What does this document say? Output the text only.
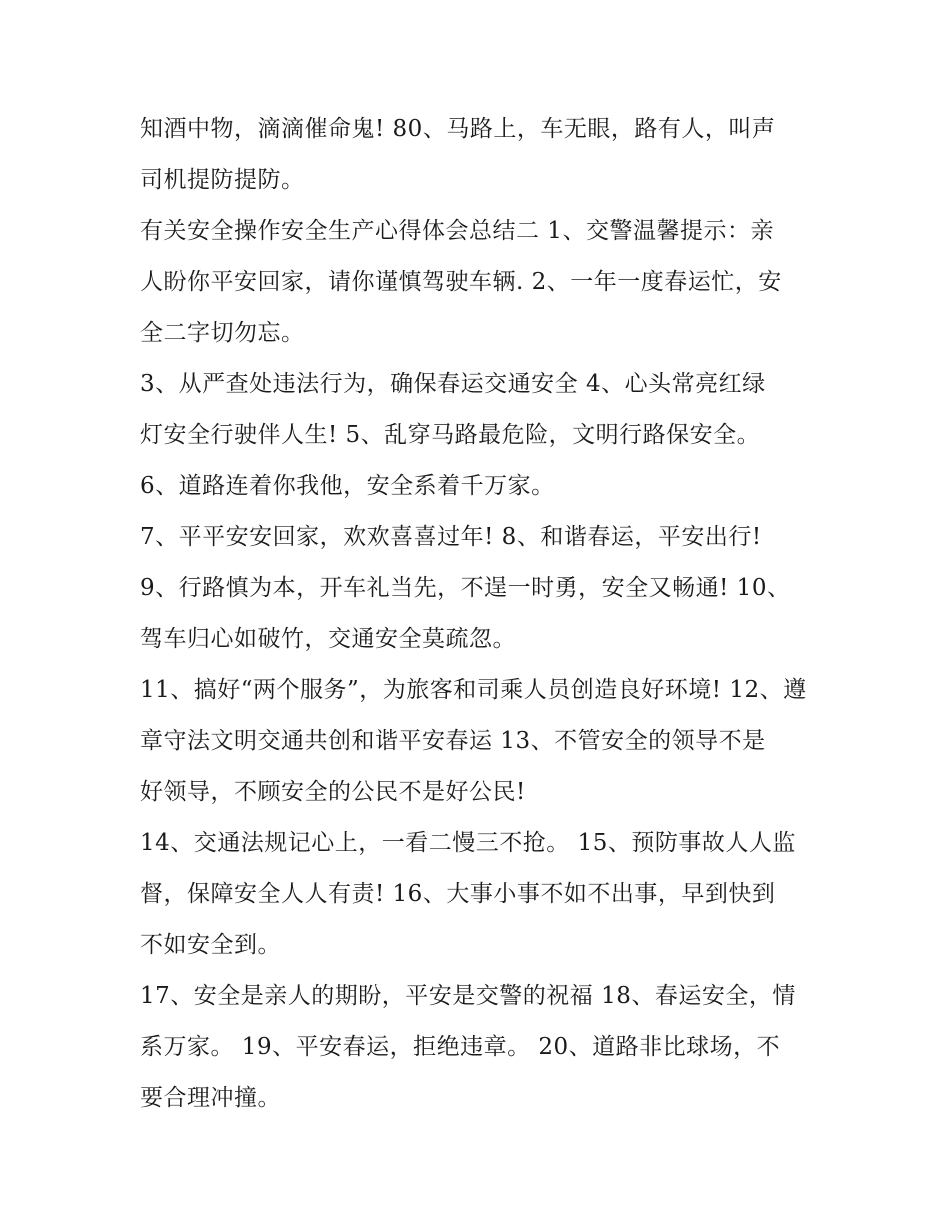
知酒中物，滴滴催命鬼! 80、马路上，车无眼，路有人，叫声
司机提防提防。
有关安全操作安全生产心得体会总结二 1、交警温馨提示：亲
人盼你平安回家，请你谨慎驾驶车辆. 2、一年一度春运忙，安
全二字切勿忘。
3、从严查处违法行为，确保春运交通安全 4、心头常亮红绿
灯安全行驶伴人生! 5、乱穿马路最危险，文明行路保安全。
6、道路连着你我他，安全系着千万家。
7、平平安安回家，欢欢喜喜过年! 8、和谐春运，平安出行!
9、行路慎为本，开车礼当先，不逞一时勇，安全又畅通! 10、
驾车归心如破竹，交通安全莫疏忽。
11、搞好“两个服务”，为旅客和司乘人员创造良好环境! 12、遵
章守法文明交通共创和谐平安春运 13、不管安全的领导不是
好领导，不顾安全的公民不是好公民!
14、交通法规记心上，一看二慢三不抢。 15、预防事故人人监
督，保障安全人人有责! 16、大事小事不如不出事，早到快到
不如安全到。
17、安全是亲人的期盼，平安是交警的祝福 18、春运安全，情
系万家。 19、平安春运，拒绝违章。 20、道路非比球场，不
要合理冲撞。
